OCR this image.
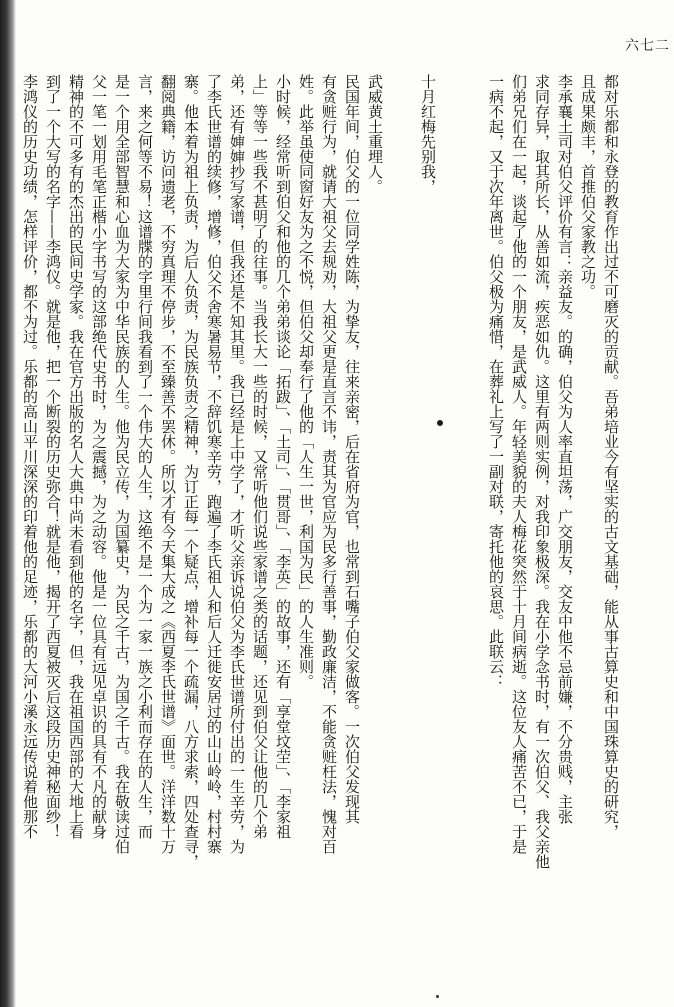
六七二
都对乐都和永登的教育作出过不可磨灭的贡献。吾弟培业今有坚实的古文基础，能从事古算史和中国珠算史的研究，
且成果颇丰，首推伯父家教之功。
李承襄土司对伯父评价有言：亲益友。的确，伯父为人率直坦荡，广交朋友，交友中他不忌前嫌，不分贵贱，主张
求同存异，取其所长，从善如流，疾恶如仇。这里有两则实例，对我印象极深。我在小学念书时，有一次伯父、我父亲他
们弟兄们在一起，谈起了他的一个朋友，是武威人。年轻美貌的夫人梅花突然于十月间病逝。这位友人痛苦不已，于是
一病不起，又于次年离世。伯父极为痛惜，在葬礼上写了一副对联，寄托他的哀思。此联云：
十月红梅先别我，
武威黄土重埋人。
民国年间，伯父的一位同学姓陈，为挚友，往来亲密，后在省府为官，也常到石嘴子伯父家做客。一次伯父发现其
有贪赃行为，就请大祖父去规劝，大祖父更是直言不讳，责其为官应为民多行善事，勤政廉洁，不能贪赃枉法，愧对百
姓。此举虽使同窗好友为之不悦，但伯父却奉行了他的「人生一世，利国为民」的人生准则。
小时候，经常听到伯父和他的几个弟弟谈论「拓跋」、「土司」、「贯哥」、「李英」的故事，还有「享堂坟茔」、「李家祖
上」等等一些我不甚明了的往事。当我长大一些的时候，又常听他们说些家谱之类的话题，还见到伯父让他的几个弟
弟，还有婶婶抄写家谱，但我还是不知其里。我已经是上中学了，才听父亲诉说伯父为李氏世谱所付出的一生辛劳，为
了李氏世谱的续修，增修，伯父不舍寒暑易节，不辞饥寒辛劳，跑遍了李氏祖人和后人迁徙安居过的山山岭岭，村村寨
寨。他本着为祖上负责，为后人负责，为民族负责之精神，为订正每一个疑点，增补每一个疏漏，八方求索，四处查寻，
翻阅典籍，访问遗老，不穷真理不停步，不至臻善不罢休。所以才有今天集大成之《西夏李氏世谱》面世。洋洋数十万
言，来之何等不易！这谱牒的字里行间我看到了一个伟大的人生，这绝不是一个为一家一族之小利而存在的人生，而
是一个用全部智慧和心血为大家为中华民族的人生。他为民立传，为国纂史，为民之千古，为国之千古。我在敬读过伯
父一笔一划用毛笔正楷小字书写的这部绝代史书时，为之震撼，为之动容。他是一位具有远见卓识的具有不凡的献身
精神的不可多有的杰出的民间史学家。我在官方出版的名人大典中尚未看到他的名字，但，我在祖国西部的大地上看
到了一个大写的名字——李鸿仪。就是他，把一个断裂的历史弥合！就是他，揭开了西夏被灭后这段历史神秘面纱！
李鸿仪的历史功绩，怎样评价，都不为过。乐都的高山平川深深的印着他的足迹，乐都的大河小溪永远传说着他那不
